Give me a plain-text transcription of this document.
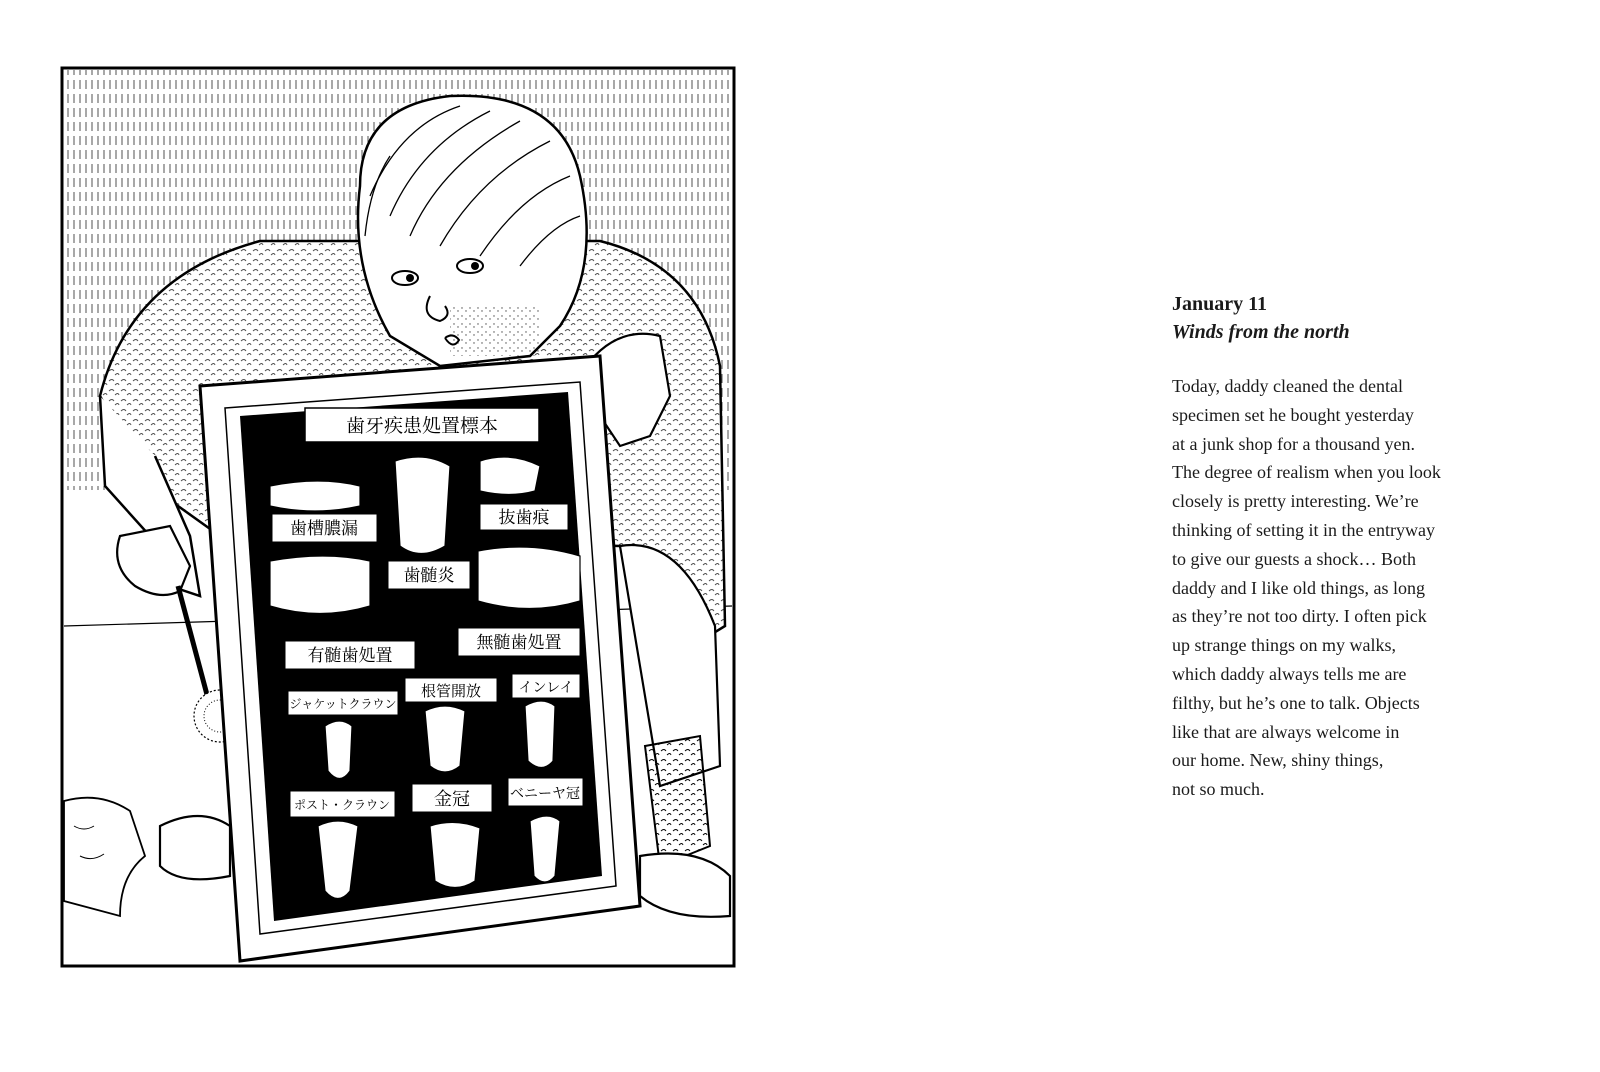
歯牙疾患処置標本
歯槽膿漏
抜歯痕
歯髄炎
有髄歯処置
無髄歯処置
ジャケットクラウン
根管開放	インレイ
ポスト・クラウン 金冠	ベニーヤ冠

January 11

Winds from the north

Today, daddy cleaned the dental
specimen set he bought yesterday
at a junk shop for a thousand yen.
The degree of realism when you look
closely is pretty interesting. We’re
thinking of setting it in the entryway
to give our guests a shock… Both
daddy and I like old things, as long
as they’re not too dirty. I often pick
up strange things on my walks,
which daddy always tells me are
filthy, but he’s one to talk. Objects
like that are always welcome in
our home. New, shiny things,
not so much.
